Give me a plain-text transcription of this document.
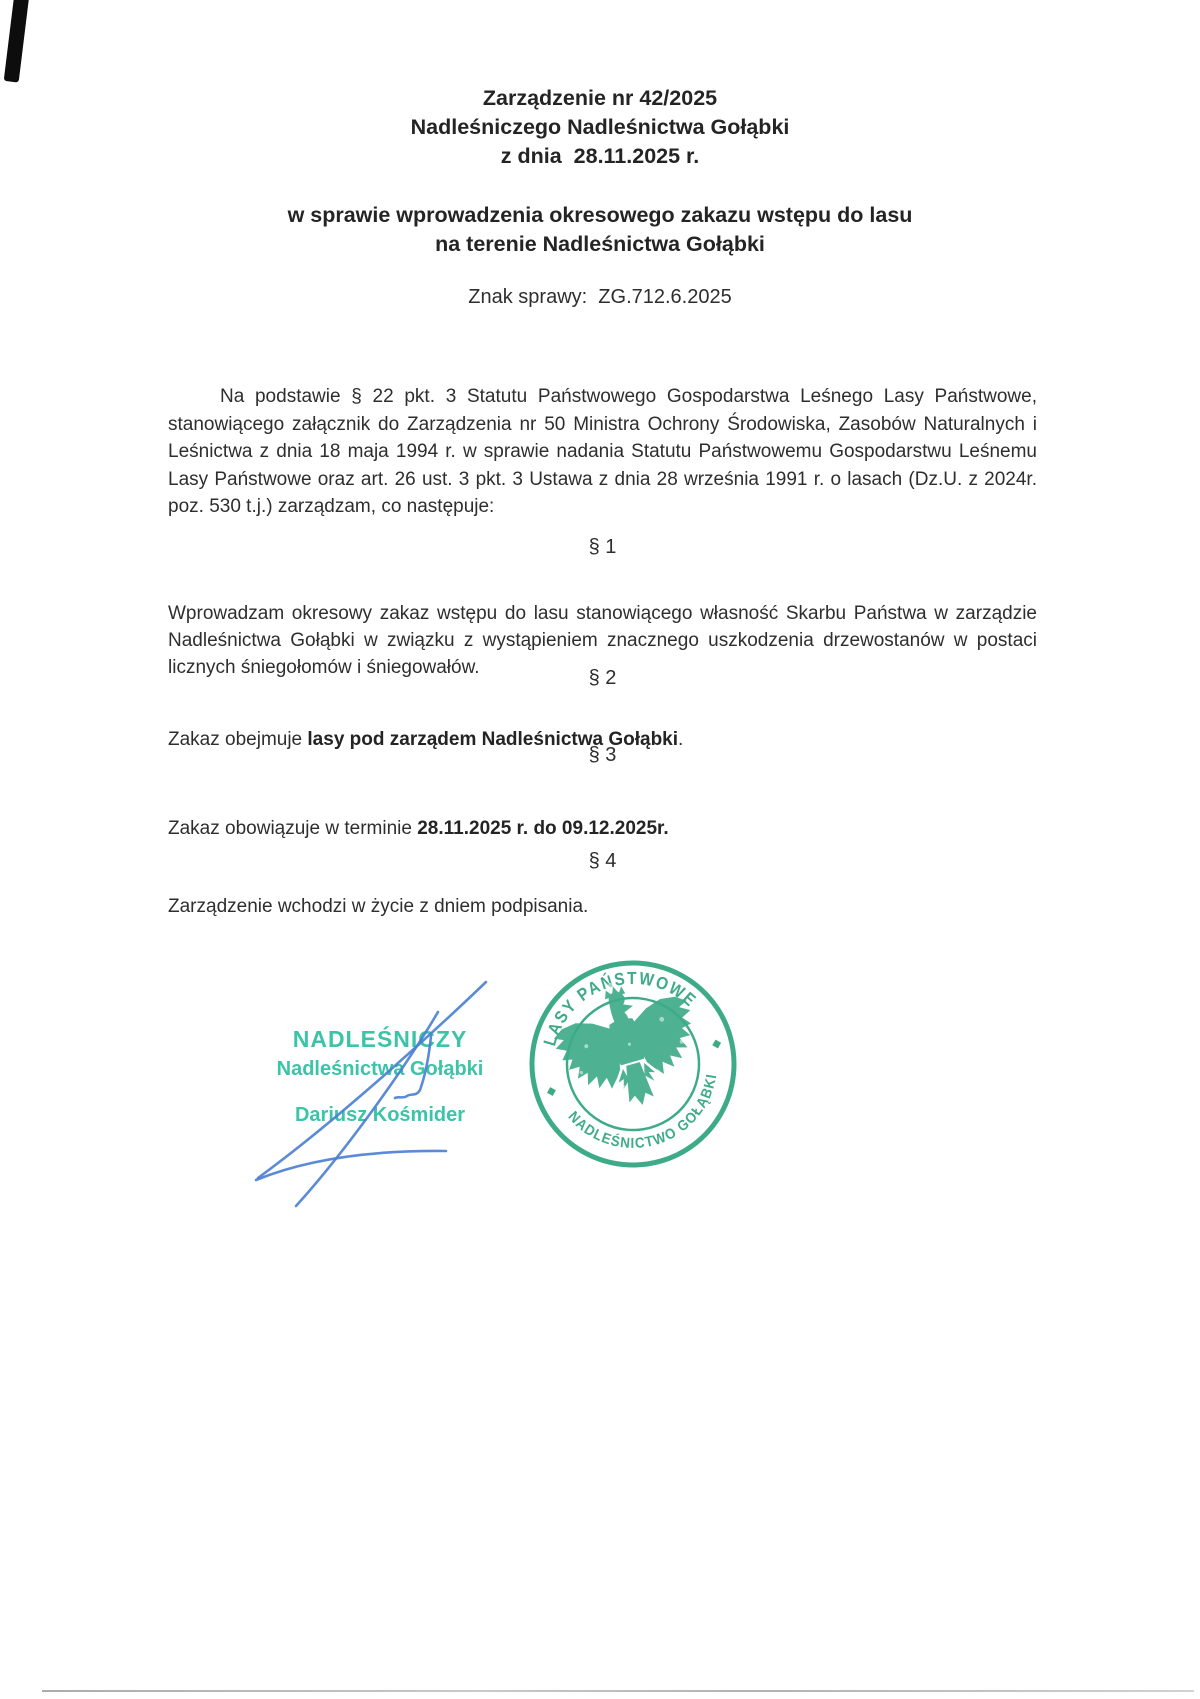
Zarządzenie nr 42/2025
Nadleśniczego Nadleśnictwa Gołąbki
z dnia  28.11.2025 r.
w sprawie wprowadzenia okresowego zakazu wstępu do lasu
na terenie Nadleśnictwa Gołąbki
Znak sprawy:  ZG.712.6.2025

Na podstawie § 22 pkt. 3 Statutu Państwowego Gospodarstwa Leśnego Lasy Państwowe, stanowiącego załącznik do Zarządzenia nr 50 Ministra Ochrony Środowiska, Zasobów Naturalnych i Leśnictwa z dnia 18 maja 1994 r. w sprawie nadania Statutu Państwowemu Gospodarstwu Leśnemu Lasy Państwowe oraz art. 26 ust. 3 pkt. 3 Ustawa z dnia 28 września 1991 r. o lasach (Dz.U. z 2024r. poz. 530 t.j.) zarządzam, co następuje:

§ 1

Wprowadzam okresowy zakaz wstępu do lasu stanowiącego własność Skarbu Państwa w zarządzie Nadleśnictwa Gołąbki w związku z wystąpieniem znacznego uszkodzenia drzewostanów w postaci licznych śniegołomów i śniegowałów.	§ 2

Zakaz obejmuje lasy pod zarządem Nadleśnictwa Gołąbki.

§ 3

Zakaz obowiązuje w terminie 28.11.2025 r. do 09.12.2025r.

§ 4

Zarządzenie wchodzi w życie z dniem podpisania.

NADLEŚNICZY
Nadleśnictwa Gołąbki
Dariusz Kośmider
LASY PAŃSTWOWE
NADLEŚNICTWO GOŁĄBKI
◆
◆
